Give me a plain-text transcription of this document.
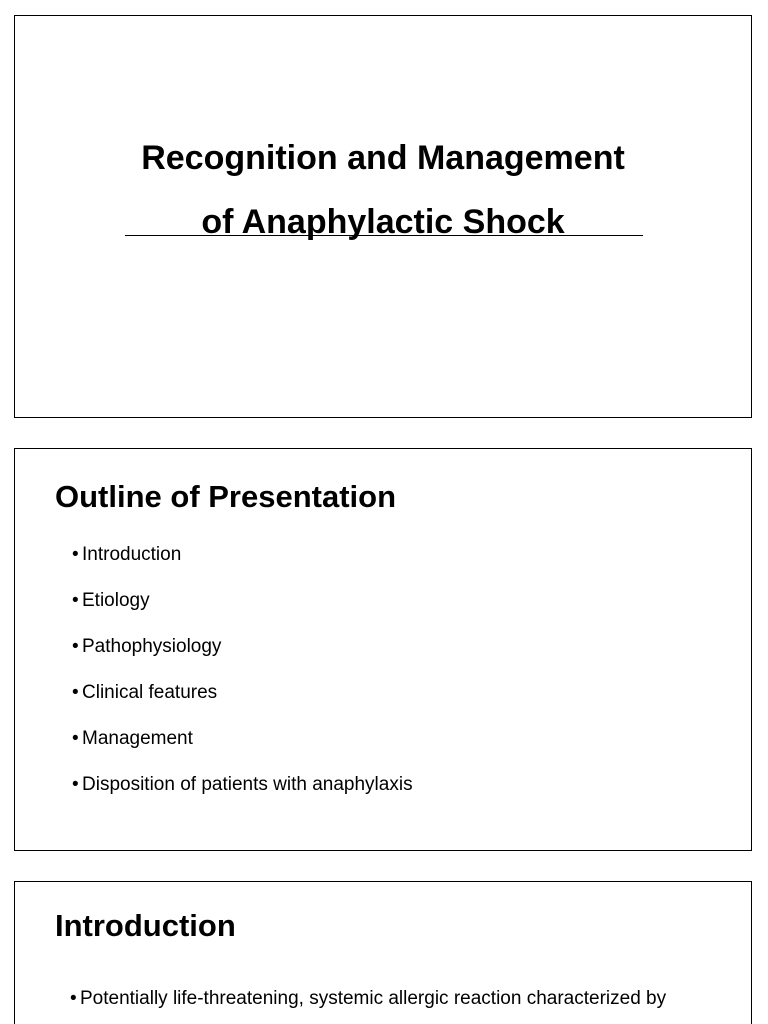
Recognition and Management
of Anaphylactic Shock
Outline of Presentation
• Introduction
• Etiology
• Pathophysiology
• Clinical features
• Management
• Disposition of patients with anaphylaxis
Introduction

• Potentially life-threatening, systemic allergic reaction characterized by
